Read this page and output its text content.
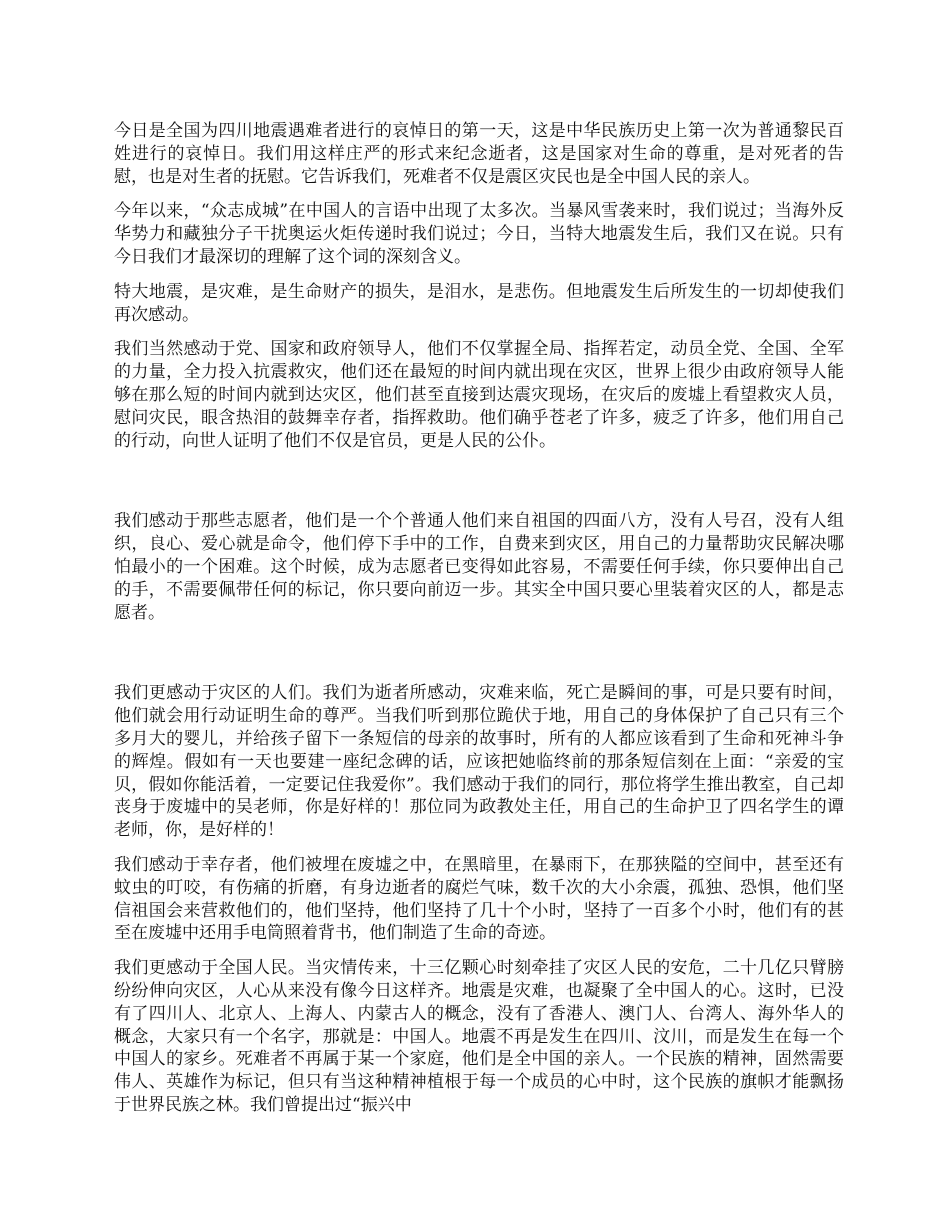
今日是全国为四川地震遇难者进行的哀悼日的第一天，这是中华民族历史上第一次为普通黎民百姓进行的哀悼日。我们用这样庄严的形式来纪念逝者，这是国家对生命的尊重，是对死者的告慰，也是对生者的抚慰。它告诉我们，死难者不仅是震区灾民也是全中国人民的亲人。

今年以来，“众志成城”在中国人的言语中出现了太多次。当暴风雪袭来时，我们说过；当海外反华势力和藏独分子干扰奥运火炬传递时我们说过；今日，当特大地震发生后，我们又在说。只有今日我们才最深切的理解了这个词的深刻含义。

特大地震，是灾难，是生命财产的损失，是泪水，是悲伤。但地震发生后所发生的一切却使我们再次感动。

我们当然感动于党、国家和政府领导人，他们不仅掌握全局、指挥若定，动员全党、全国、全军的力量，全力投入抗震救灾，他们还在最短的时间内就出现在灾区，世界上很少由政府领导人能够在那么短的时间内就到达灾区，他们甚至直接到达震灾现场，在灾后的废墟上看望救灾人员，慰问灾民，眼含热泪的鼓舞幸存者，指挥救助。他们确乎苍老了许多，疲乏了许多，他们用自己的行动，向世人证明了他们不仅是官员，更是人民的公仆。

我们感动于那些志愿者，他们是一个个普通人他们来自祖国的四面八方，没有人号召，没有人组织，良心、爱心就是命令，他们停下手中的工作，自费来到灾区，用自己的力量帮助灾民解决哪怕最小的一个困难。这个时候，成为志愿者已变得如此容易，不需要任何手续，你只要伸出自己的手，不需要佩带任何的标记，你只要向前迈一步。其实全中国只要心里装着灾区的人，都是志愿者。

我们更感动于灾区的人们。我们为逝者所感动，灾难来临，死亡是瞬间的事，可是只要有时间，他们就会用行动证明生命的尊严。当我们听到那位跪伏于地，用自己的身体保护了自己只有三个多月大的婴儿，并给孩子留下一条短信的母亲的故事时，所有的人都应该看到了生命和死神斗争的辉煌。假如有一天也要建一座纪念碑的话，应该把她临终前的那条短信刻在上面：“亲爱的宝贝，假如你能活着，一定要记住我爱你”。我们感动于我们的同行，那位将学生推出教室，自己却丧身于废墟中的吴老师，你是好样的！那位同为政教处主任，用自己的生命护卫了四名学生的谭老师，你，是好样的！

我们感动于幸存者，他们被埋在废墟之中，在黑暗里，在暴雨下，在那狭隘的空间中，甚至还有蚊虫的叮咬，有伤痛的折磨，有身边逝者的腐烂气味，数千次的大小余震，孤独、恐惧，他们坚信祖国会来营救他们的，他们坚持，他们坚持了几十个小时，坚持了一百多个小时，他们有的甚至在废墟中还用手电筒照着背书，他们制造了生命的奇迹。

我们更感动于全国人民。当灾情传来，十三亿颗心时刻牵挂了灾区人民的安危，二十几亿只臂膀纷纷伸向灾区，人心从来没有像今日这样齐。地震是灾难，也凝聚了全中国人的心。这时，已没有了四川人、北京人、上海人、内蒙古人的概念，没有了香港人、澳门人、台湾人、海外华人的概念，大家只有一个名字，那就是：中国人。地震不再是发生在四川、汶川，而是发生在每一个中国人的家乡。死难者不再属于某一个家庭，他们是全中国的亲人。一个民族的精神，固然需要伟人、英雄作为标记，但只有当这种精神植根于每一个成员的心中时，这个民族的旗帜才能飘扬于世界民族之林。我们曾提出过“振兴中
